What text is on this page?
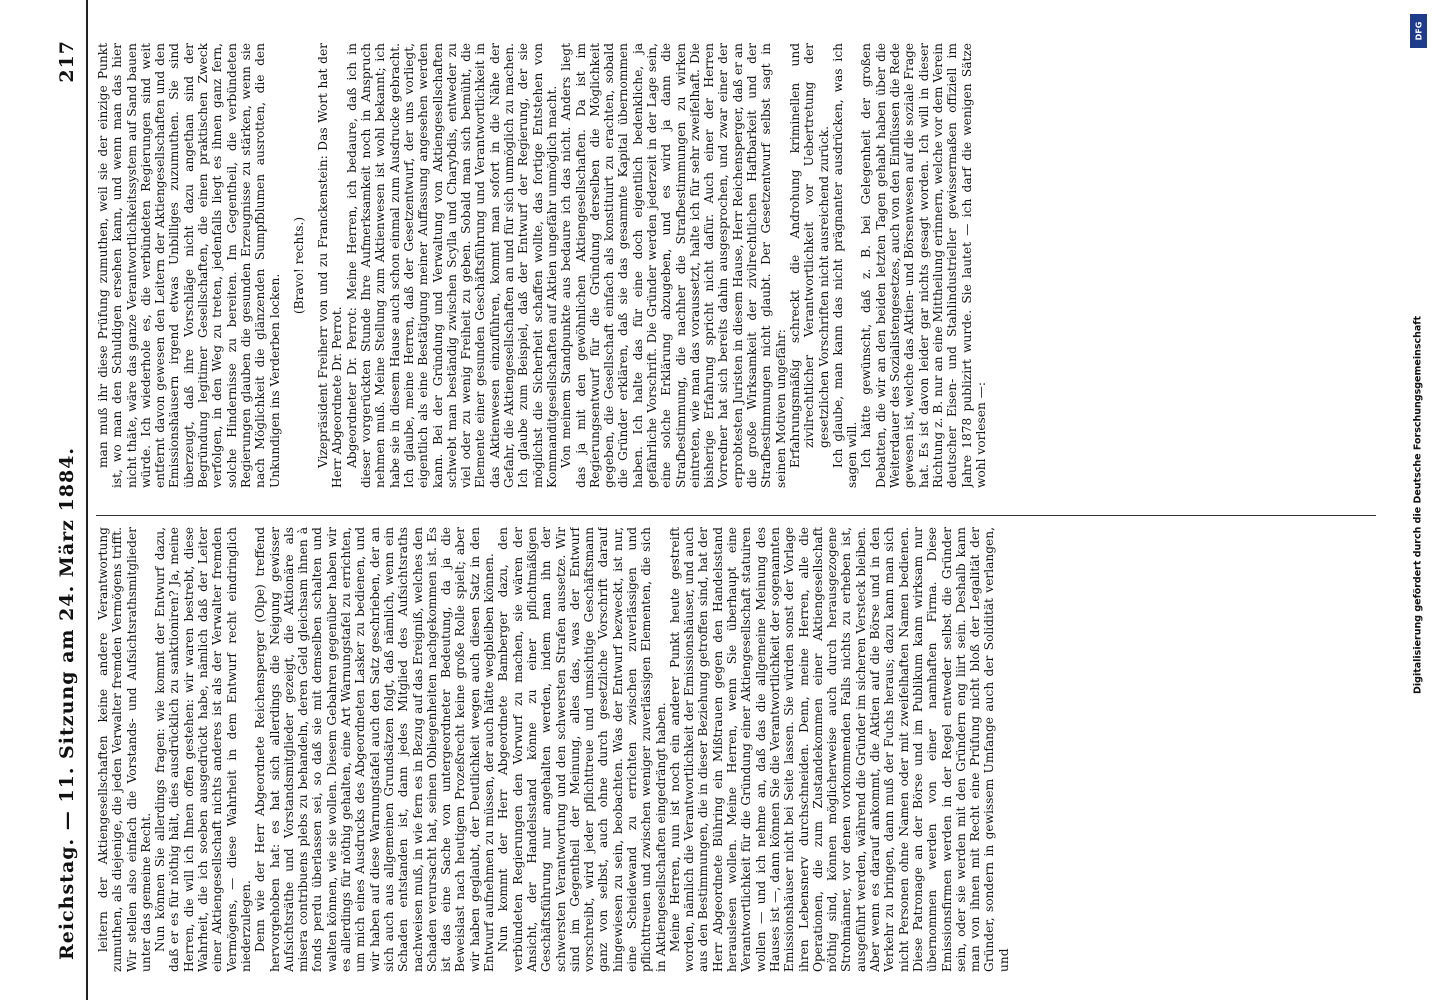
Reichstag. — 11. Sitzung am 24. März 1884.
217

leitern der Aktiengesellschaften keine andere Verantwortung zumuthen, als diejenige, die jeden Verwalter fremden Vermögens trifft. Wir stellen also einfach die Vorstands- und Aufsichtsrathsmitglieder unter das gemeine Recht. Nun können Sie allerdings fragen: wie kommt der Entwurf dazu, daß er es für nöthig hält, dies ausdrücklich zu sanktioniren? Ja, meine Herren, die will ich Ihnen offen gestehen: wir waren bestrebt, diese Wahrheit, die ich soeben ausgedrückt habe, nämlich daß der Leiter einer Aktiengesellschaft nichts anderes ist als der Verwalter fremden Vermögens, — diese Wahrheit in dem Entwurf recht eindringlich niederzulegen. Denn wie der Herr Abgeordnete Reichensperger (Olpe) treffend hervorgehoben hat: es hat sich allerdings die Neigung gewisser Aufsichtsräthe und Vorstandsmitglieder gezeigt, die Aktionäre als misera contribuens plebs zu behandeln, deren Geld gleichsam ihnen à fonds perdu überlassen sei, so daß sie mit demselben schalten und walten können, wie sie wollen. Diesem Gebahren gegenüber haben wir es allerdings für nöthig gehalten, eine Art Warnungstafel zu errichten, um mich eines Ausdrucks des Abgeordneten Lasker zu bedienen, und wir haben auf diese Warnungstafel auch den Satz geschrieben, der an sich auch aus allgemeinen Grundsätzen folgt, daß nämlich, wenn ein Schaden entstanden ist, dann jedes Mitglied des Aufsichtsraths nachweisen muß, in wie fern es in Bezug auf das Ereigniß, welches den Schaden verursacht hat, seinen Obliegenheiten nachgekommen ist. Es ist das eine Sache von untergeordneter Bedeutung, da ja die Beweislast nach heutigem Prozeßrecht keine große Rolle spielt; aber wir haben geglaubt, der Deutlichkeit wegen auch diesen Satz in den Entwurf aufnehmen zu müssen, der auch hätte wegbleiben können. Nun kommt der Herr Abgeordnete Bamberger dazu, den verbündeten Regierungen den Vorwurf zu machen, sie wären der Ansicht, der Handelsstand könne zu einer pflichtmäßigen Geschäftsführung nur angehalten werden, indem man ihn der schwersten Verantwortung und den schwersten Strafen aussetze. Wir sind im Gegentheil der Meinung, alles das, was der Entwurf vorschreibt, wird jeder pflichttreue und umsichtige Geschäftsmann ganz von selbst, auch ohne durch gesetzliche Vorschrift darauf hingewiesen zu sein, beobachten. Was der Entwurf bezweckt, ist nur, eine Scheidewand zu errichten zwischen zuverlässigen und pflichttreuen und zwischen weniger zuverlässigen Elementen, die sich in Aktiengesellschaften eingedrängt haben. Meine Herren, nun ist noch ein anderer Punkt heute gestreift worden, nämlich die Verantwortlichkeit der Emissionshäuser, und auch aus den Bestimmungen, die in dieser Beziehung getroffen sind, hat der Herr Abgeordnete Bühring ein Mißtrauen gegen den Handelsstand herauslesen wollen. Meine Herren, wenn Sie überhaupt eine Verantwortlichkeit für die Gründung einer Aktiengesellschaft statuiren wollen — und ich nehme an, daß das die allgemeine Meinung des Hauses ist —, dann können Sie die Verantwortlichkeit der sogenannten Emissionshäuser nicht bei Seite lassen. Sie würden sonst der Vorlage ihren Lebensnerv durchschneiden. Denn, meine Herren, alle die Operationen, die zum Zustandekommen einer Aktiengesellschaft nöthig sind, können möglicherweise auch durch herausgezogene Strohmänner, vor denen vorkommenden Falls nichts zu erheben ist, ausgeführt werden, während die Gründer im sicheren Versteck bleiben. Aber wenn es darauf ankommt, die Aktien auf die Börse und in den Verkehr zu bringen, dann muß der Fuchs heraus; dazu kann man sich nicht Personen ohne Namen oder mit zweifelhaften Namen bedienen. Diese Patronage an der Börse und im Publikum kann wirksam nur übernommen werden von einer namhaften Firma. Diese Emissionsfirmen werden in der Regel entweder selbst die Gründer sein, oder sie werden mit den Gründern eng liirt sein. Deshalb kann man von ihnen mit Recht eine Prüfung nicht bloß der Legalität der Gründer, sondern in gewissem Umfange auch der Solidität verlangen, und

man muß ihr diese Prüfung zumuthen, weil sie der einzige Punkt ist, wo man den Schuldigen ersehen kann, und wenn man das hier nicht thäte, wäre das ganze Verantwortlichkeitssystem auf Sand bauen würde. Ich wiederhole es, die verbündeten Regierungen sind weit entfernt davon gewesen den Leitern der Aktiengesellschaften und den Emissionshäusern irgend etwas Unbilliges zuzumuthen. Sie sind überzeugt, daß ihre Vorschläge nicht dazu angethan sind der Begründung legitimer Gesellschaften, die einen praktischen Zweck verfolgen, in den Weg zu treten, jedenfalls liegt es ihnen ganz fern, solche Hindernisse zu bereiten. Im Gegentheil, die verbündeten Regierungen glauben die gesunden Erzeugnisse zu stärken, wenn sie nach Möglichkeit die glänzenden Sumpfblumen ausrotten, die den Unkundigen ins Verderben locken.

(Bravo! rechts.) Vizepräsident Freiherr von und zu Franckenstein: Das Wort hat der Herr Abgeordnete Dr. Perrot. Abgeordneter Dr. Perrot: Meine Herren, ich bedaure, daß ich in dieser vorgerückten Stunde Ihre Aufmerksamkeit noch in Anspruch nehmen muß. Meine Stellung zum Aktienwesen ist wohl bekannt; ich habe sie in diesem Hause auch schon einmal zum Ausdrucke gebracht. Ich glaube, meine Herren, daß der Gesetzentwurf, der uns vorliegt, eigentlich als eine Bestätigung meiner Auffassung angesehen werden kann. Bei der Gründung und Verwaltung von Aktiengesellschaften schwebt man beständig zwischen Scylla und Charybdis, entweder zu viel oder zu wenig Freiheit zu geben. Sobald man sich bemüht, die Elemente einer gesunden Geschäftsführung und Verantwortlichkeit in das Aktienwesen einzuführen, kommt man sofort in die Nähe der Gefahr, die Aktiengesellschaften an und für sich unmöglich zu machen. Ich glaube zum Beispiel, daß der Entwurf der Regierung, der sie möglichst die Sicherheit schaffen wollte, das fortige Entstehen von Kommanditgesellschaften auf Aktien ungefähr unmöglich macht. Von meinem Standpunkte aus bedaure ich das nicht. Anders liegt das ja mit den gewöhnlichen Aktiengesellschaften. Da ist im Regierungsentwurf für die Gründung derselben die Möglichkeit gegeben, die Gesellschaft einfach als konstituirt zu erachten, sobald die Gründer erklären, daß sie das gesammte Kapital übernommen haben. Ich halte das für eine doch eigentlich bedenkliche, ja gefährliche Vorschrift. Die Gründer werden jederzeit in der Lage sein, eine solche Erklärung abzugeben, und es wird ja dann die Strafbestimmung, die nachher die Strafbestimmungen zu wirken eintreten, wie man das voraussetzt, halte ich für sehr zweifelhaft. Die bisherige Erfahrung spricht nicht dafür. Auch einer der Herren Vorredner hat sich bereits dahin ausgesprochen, und zwar einer der erprobtesten Juristen in diesem Hause, Herr Reichensperger, daß er an die große Wirksamkeit der zivilrechtlichen Haftbarkeit und der Strafbestimmungen nicht glaubt. Der Gesetzentwurf selbst sagt in seinen Motiven ungefähr: Erfahrungsmäßig schreckt die Androhung kriminellen und zivilrechtlicher Verantwortlichkeit vor Uebertretung der gesetzlichen Vorschriften nicht ausreichend zurück. Ich glaube, man kann das nicht prägnanter ausdrücken, was ich sagen will. Ich hätte gewünscht, daß z. B. bei Gelegenheit der großen Debatten, die wir an den beiden letzten Tagen gehabt haben über die Weiterdauer des Sozialistengesetzes, auch von den Einflüssen die Rede gewesen ist, welche das Aktien- und Börsenwesen auf die soziale Frage hat. Es ist davon leider gar nichts gesagt worden. Ich will in dieser Richtung z. B. nur an eine Mittheilung erinnern, welche vor dem Verein deutscher Eisen- und Stahlindustrieller gewissermaßen offiziell im Jahre 1878 publizirt wurde. Sie lautet — ich darf die wenigen Sätze wohl vorlesen —:

DFG
Digitalisierung gefördert durch die Deutsche Forschungsgemeinschaft
